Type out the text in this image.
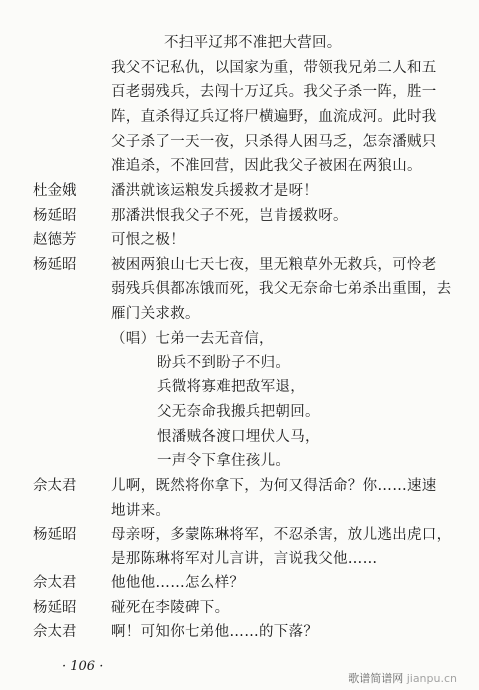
不扫平辽邦不准把大营回。
我父不记私仇，以国家为重，带领我兄弟二人和五
百老弱残兵，去闯十万辽兵。我父子杀一阵，胜一
阵，直杀得辽兵辽将尸横遍野，血流成河。此时我
父子杀了一天一夜，只杀得人困马乏，怎奈潘贼只
准追杀，不准回营，因此我父子被困在两狼山。
杜金娥 潘洪就该运粮发兵援救才是呀！
杨延昭 那潘洪恨我父子不死，岂肯援救呀。
赵德芳 可恨之极！
杨延昭 被困两狼山七天七夜，里无粮草外无救兵，可怜老
弱残兵俱都冻饿而死，我父无奈命七弟杀出重围，去
雁门关求救。
（唱）七弟一去无音信，
盼兵不到盼子不归。
兵微将寡难把敌军退，
父无奈命我搬兵把朝回。
恨潘贼各渡口埋伏人马，
一声令下拿住孩儿。
佘太君 儿啊，既然将你拿下，为何又得活命？你……速速
地讲来。
杨延昭 母亲呀，多蒙陈琳将军，不忍杀害，放儿逃出虎口，
是那陈琳将军对儿言讲，言说我父他……
佘太君 他他他……怎么样？
杨延昭 碰死在李陵碑下。
佘太君 啊！可知你七弟他……的下落？
· 106 ·
歌谱简谱网 jianpu.cn
